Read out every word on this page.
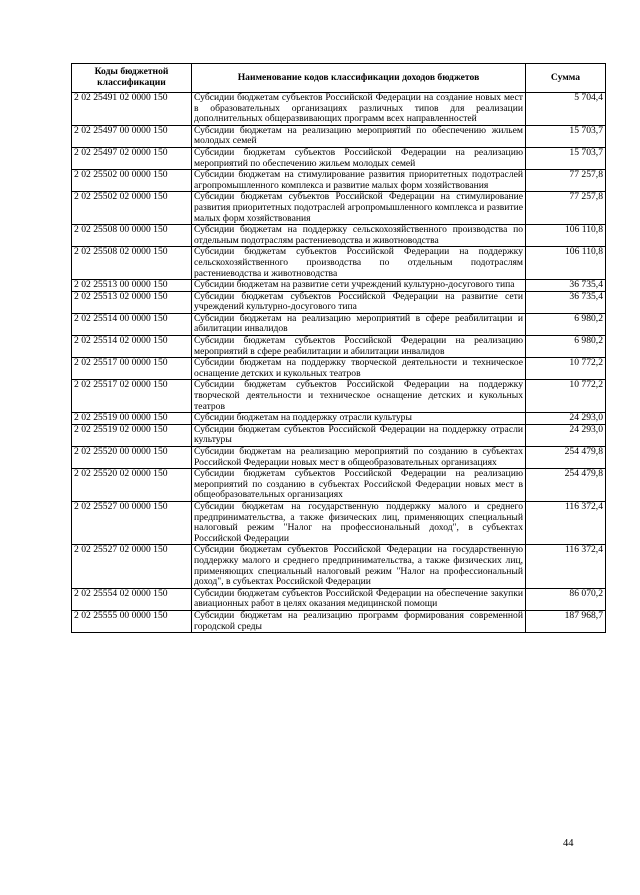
Коды бюджетной классификации	Наименование кодов классификации доходов бюджетов	Сумма
2 02 25491 02 0000 150	Субсидии бюджетам субъектов Российской Федерации на создание новых мест в образовательных организациях различных типов для реализации дополнительных общеразвивающих программ всех направленностей	5 704,4
2 02 25497 00 0000 150	Субсидии бюджетам на реализацию мероприятий по обеспечению жильем молодых семей	15 703,7
2 02 25497 02 0000 150	Субсидии бюджетам субъектов Российской Федерации на реализацию мероприятий по обеспечению жильем молодых семей	15 703,7
2 02 25502 00 0000 150	Субсидии бюджетам на стимулирование развития приоритетных подотраслей агропромышленного комплекса и развитие малых форм хозяйствования	77 257,8
2 02 25502 02 0000 150	Субсидии бюджетам субъектов Российской Федерации на стимулирование развития приоритетных подотраслей агропромышленного комплекса и развитие малых форм хозяйствования	77 257,8
2 02 25508 00 0000 150	Субсидии бюджетам на поддержку сельскохозяйственного производства по отдельным подотраслям растениеводства и животноводства	106 110,8
2 02 25508 02 0000 150	Субсидии бюджетам субъектов Российской Федерации на поддержку сельскохозяйственного производства по отдельным подотраслям растениеводства и животноводства	106 110,8
2 02 25513 00 0000 150	Субсидии бюджетам на развитие сети учреждений культурно-досугового типа	36 735,4
2 02 25513 02 0000 150	Субсидии бюджетам субъектов Российской Федерации на развитие сети учреждений культурно-досугового типа	36 735,4
2 02 25514 00 0000 150	Субсидии бюджетам на реализацию мероприятий в сфере реабилитации и абилитации инвалидов	6 980,2
2 02 25514 02 0000 150	Субсидии бюджетам субъектов Российской Федерации на реализацию мероприятий в сфере реабилитации и абилитации инвалидов	6 980,2
2 02 25517 00 0000 150	Субсидии бюджетам на поддержку творческой деятельности и техническое оснащение детских и кукольных театров	10 772,2
2 02 25517 02 0000 150	Субсидии бюджетам субъектов Российской Федерации на поддержку творческой деятельности и техническое оснащение детских и кукольных театров	10 772,2
2 02 25519 00 0000 150	Субсидии бюджетам на поддержку отрасли культуры	24 293,0
2 02 25519 02 0000 150	Субсидии бюджетам субъектов Российской Федерации на поддержку отрасли культуры	24 293,0
2 02 25520 00 0000 150	Субсидии бюджетам на реализацию мероприятий по созданию в субъектах Российской Федерации новых мест в общеобразовательных организациях	254 479,8
2 02 25520 02 0000 150	Субсидии бюджетам субъектов Российской Федерации на реализацию мероприятий по созданию в субъектах Российской Федерации новых мест в общеобразовательных организациях	254 479,8
2 02 25527 00 0000 150	Субсидии бюджетам на государственную поддержку малого и среднего предпринимательства, а также физических лиц, применяющих специальный налоговый режим "Налог на профессиональный доход", в субъектах Российской Федерации	116 372,4
2 02 25527 02 0000 150	Субсидии бюджетам субъектов Российской Федерации на государственную поддержку малого и среднего предпринимательства, а также физических лиц, применяющих специальный налоговый режим "Налог на профессиональный доход", в субъектах Российской Федерации	116 372,4
2 02 25554 02 0000 150	Субсидии бюджетам субъектов Российской Федерации на обеспечение закупки авиационных работ в целях оказания медицинской помощи	86 070,2
2 02 25555 00 0000 150	Субсидии бюджетам на реализацию программ формирования современной городской среды	187 968,7
44
